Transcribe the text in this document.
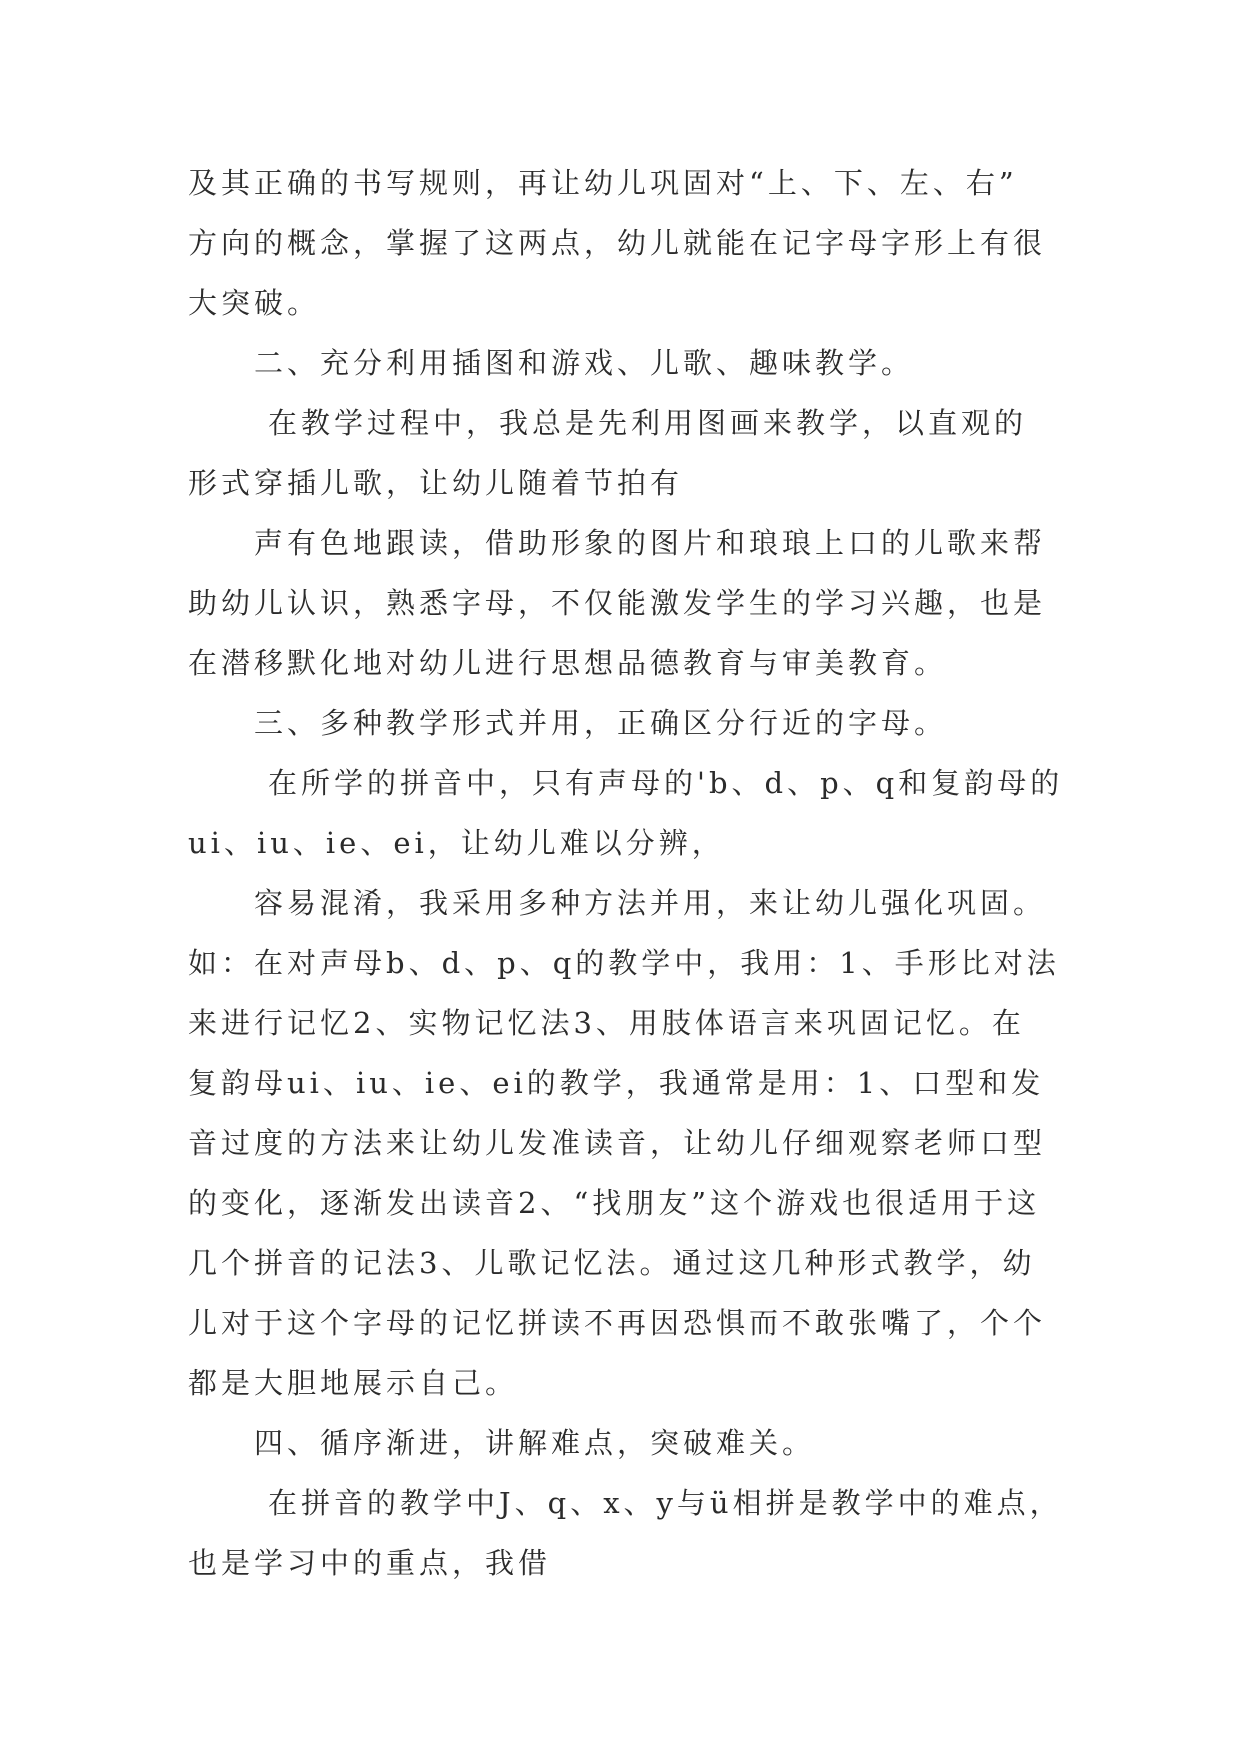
及其正确的书写规则，再让幼儿巩固对“上、下、左、右”
方向的概念，掌握了这两点，幼儿就能在记字母字形上有很
大突破。
二、充分利用插图和游戏、儿歌、趣味教学。
在教学过程中，我总是先利用图画来教学，以直观的
形式穿插儿歌，让幼儿随着节拍有
声有色地跟读，借助形象的图片和琅琅上口的儿歌来帮
助幼儿认识，熟悉字母，不仅能激发学生的学习兴趣，也是
在潜移默化地对幼儿进行思想品德教育与审美教育。
三、多种教学形式并用，正确区分行近的字母。
在所学的拼音中，只有声母的'b、d、p、q和复韵母的
ui、iu、ie、ei，让幼儿难以分辨，
容易混淆，我采用多种方法并用，来让幼儿强化巩固。
如：在对声母b、d、p、q的教学中，我用：1、手形比对法
来进行记忆2、实物记忆法3、用肢体语言来巩固记忆。在
复韵母ui、iu、ie、ei的教学，我通常是用：1、口型和发
音过度的方法来让幼儿发准读音，让幼儿仔细观察老师口型
的变化，逐渐发出读音2、“找朋友”这个游戏也很适用于这
几个拼音的记法3、儿歌记忆法。通过这几种形式教学，幼
儿对于这个字母的记忆拼读不再因恐惧而不敢张嘴了，个个
都是大胆地展示自己。
四、循序渐进，讲解难点，突破难关。
在拼音的教学中J、q、x、y与ü相拼是教学中的难点，
也是学习中的重点，我借
